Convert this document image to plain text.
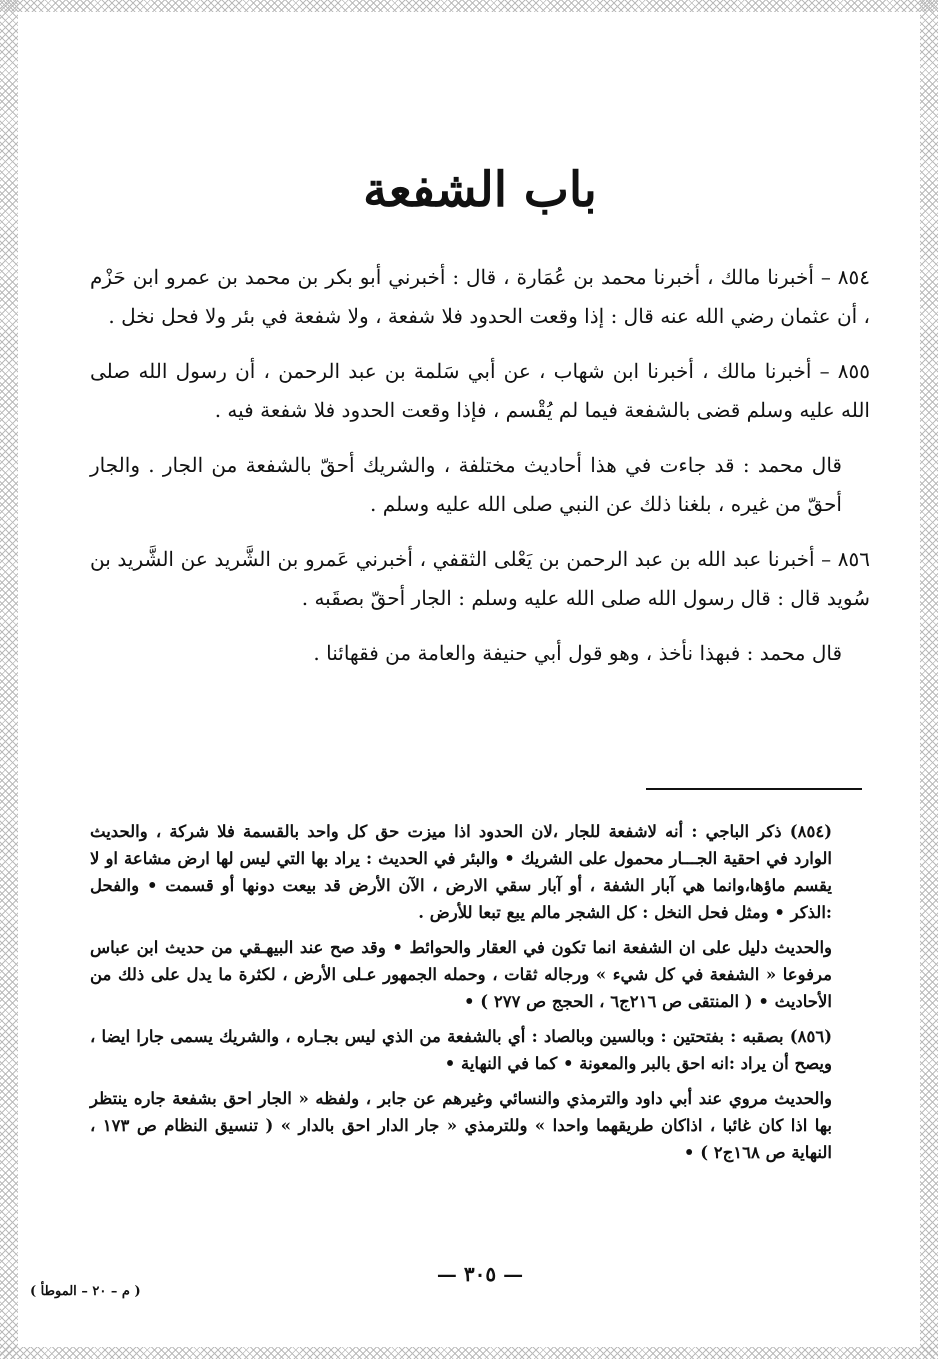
باب الشفعة

٨٥٤ – أخبرنا مالك ، أخبرنا محمد بن عُمَارة ، قال : أخبرني أبو بكر بن محمد بن عمرو ابن حَزْم ، أن عثمان رضي الله عنه قال : إذا وقعت الحدود فلا شفعة ، ولا شفعة في بئر ولا فحل نخل .

٨٥٥ – أخبرنا مالك ، أخبرنا ابن شهاب ، عن أبي سَلمة بن عبد الرحمن ، أن رسول الله صلى الله عليه وسلم قضى بالشفعة فيما لم يُقْسم ، فإذا وقعت الحدود فلا شفعة فيه .

قال محمد : قد جاءت في هذا أحاديث مختلفة ، والشريك أحقّ بالشفعة من الجار . والجار أحقّ من غيره ، بلغنا ذلك عن النبي صلى الله عليه وسلم .

٨٥٦ – أخبرنا عبد الله بن عبد الرحمن بن يَعْلى الثقفي ، أخبرني عَمرو بن الشَّريد عن الشَّريد بن سُويد قال : قال رسول الله صلى الله عليه وسلم : الجار أحقّ بصقَبه .

قال محمد : فبهذا نأخذ ، وهو قول أبي حنيفة والعامة من فقهائنا .

(٨٥٤) ذكر الباجي : أنه لاشفعة للجار ،لان الحدود اذا ميزت حق كل واحد بالقسمة فلا شركة ، والحديث الوارد في احقية الجـــار محمول على الشريك • والبئر في الحديث : يراد بها التي ليس لها ارض مشاعة او لا يقسم ماؤها،وانما هي آبار الشفة ، أو آبار سقي الارض ، الآن الأرض قد بيعت دونها أو قسمت • والفحل :الذكر • ومثل فحل النخل : كل الشجر مالم يبع تبعا للأرض .

والحديث دليل على ان الشفعة انما تكون في العقار والحوائط • وقد صح عند البيهـقي من حديث ابن عباس مرفوعا « الشفعة في كل شيء » ورجاله ثقات ، وحمله الجمهور عـلى الأرض ، لكثرة ما يدل على ذلك من الأحاديث • ( المنتقى ص ٢١٦ج٦ ، الحجج ص ٢٧٧ ) •

(٨٥٦) بصقبه : بفتحتين : وبالسين وبالصاد : أي بالشفعة من الذي ليس بجـاره ، والشريك يسمى جارا ايضا ، ويصح أن يراد :انه احق بالبر والمعونة • كما في النهاية •

والحديث مروي عند أبي داود والترمذي والنسائي وغيرهم عن جابر ، ولفظه « الجار احق بشفعة جاره ينتظر بها اذا كان غائبا ، اذاكان طريقهما واحدا » وللترمذي « جار الدار احق بالدار » ( تنسيق النظام ص ١٧٣ ، النهاية ص ١٦٨ج٢ ) •

— ٣٠٥ —
( م – ٢٠ – الموطأ )
